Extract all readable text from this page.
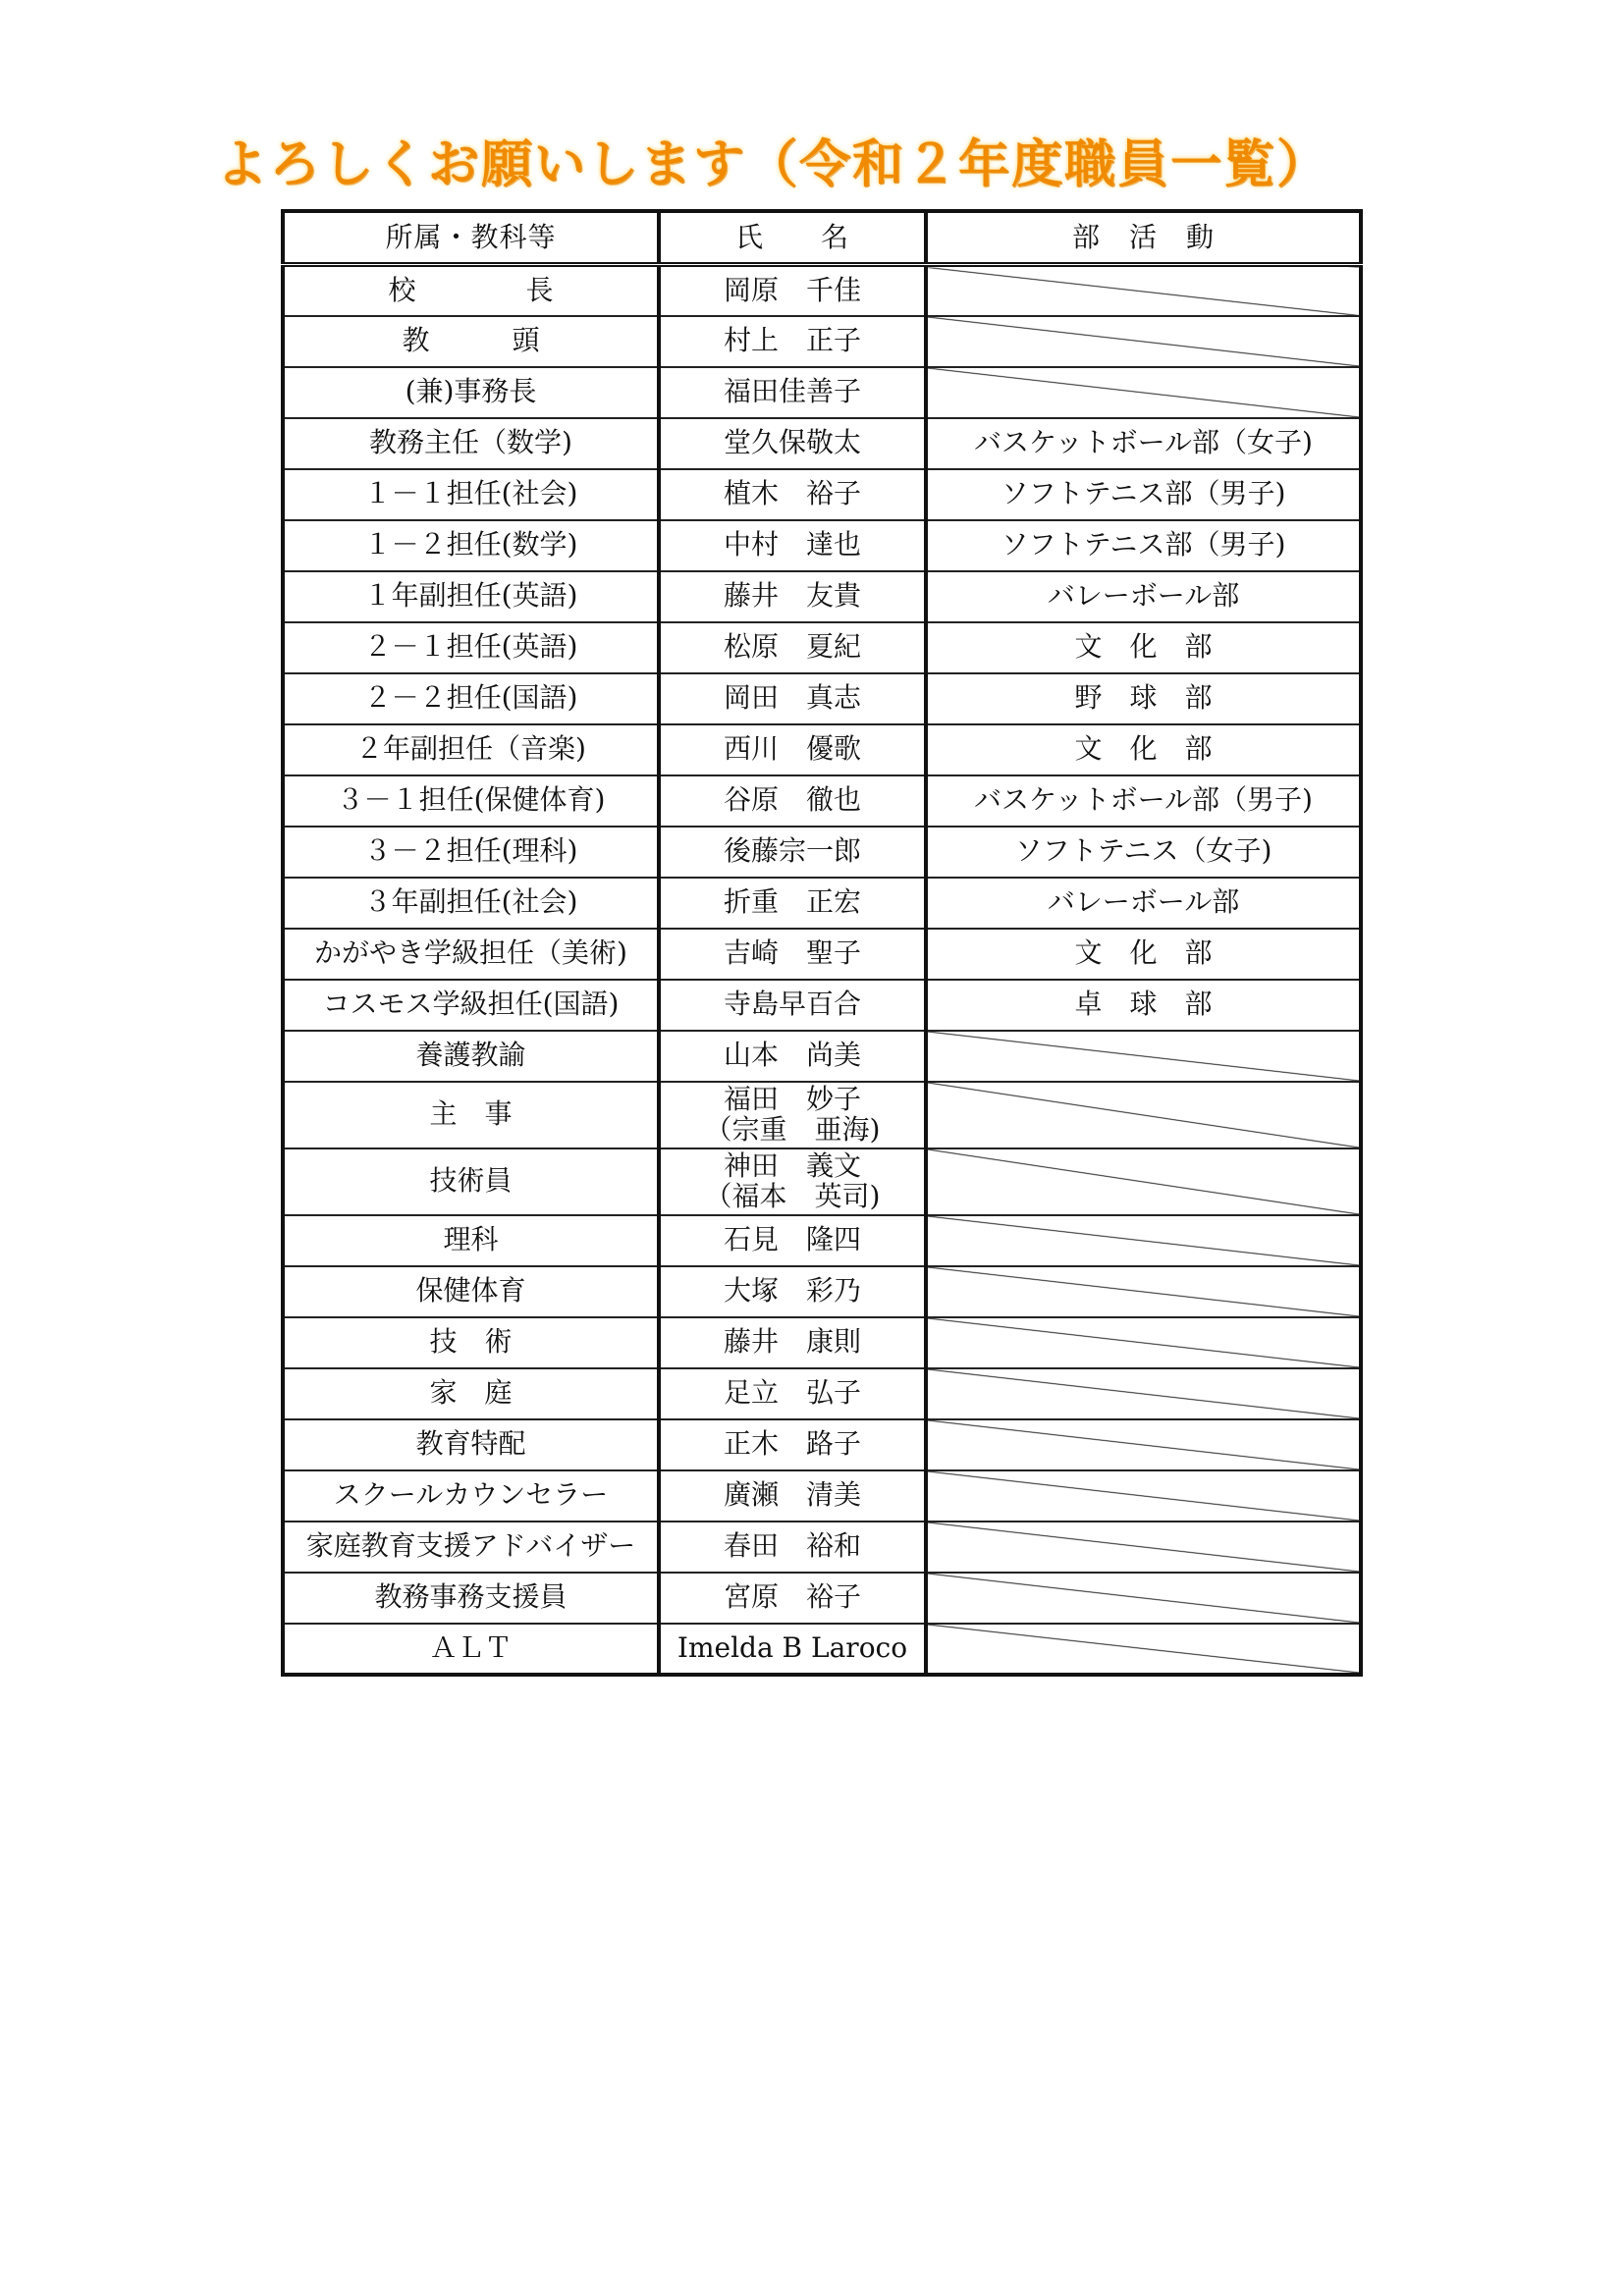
よろしくお願いします（令和２年度職員一覧）
所属・教科等	氏　　名	部　活　動
校　　　　長	岡原　千佳	
教　　　頭	村上　正子	
(兼)事務長	福田佳善子	
教務主任（数学)	堂久保敬太	バスケットボール部（女子)
１－１担任(社会)	植木　裕子	ソフトテニス部（男子)
１－２担任(数学)	中村　達也	ソフトテニス部（男子)
１年副担任(英語)	藤井　友貴	バレーボール部
２－１担任(英語)	松原　夏紀	文　化　部
２－２担任(国語)	岡田　真志	野　球　部
２年副担任（音楽)	西川　優歌	文　化　部
３－１担任(保健体育)	谷原　徹也	バスケットボール部（男子)
３－２担任(理科)	後藤宗一郎	ソフトテニス（女子)
３年副担任(社会)	折重　正宏	バレーボール部
かがやき学級担任（美術)	吉崎　聖子	文　化　部
コスモス学級担任(国語)	寺島早百合	卓　球　部
養護教諭	山本　尚美	
主　事	福田　妙子
（宗重　亜海)	

技術員	神田　義文
（福本　英司)	

理科	石見　隆四	
保健体育	大塚　彩乃	
技　術	藤井　康則	
家　庭	足立　弘子	
教育特配	正木　路子	
スクールカウンセラー	廣瀬　清美	
家庭教育支援アドバイザー	春田　裕和	
教務事務支援員	宮原　裕子	
ＡＬＴ	Imelda B Laroco	
